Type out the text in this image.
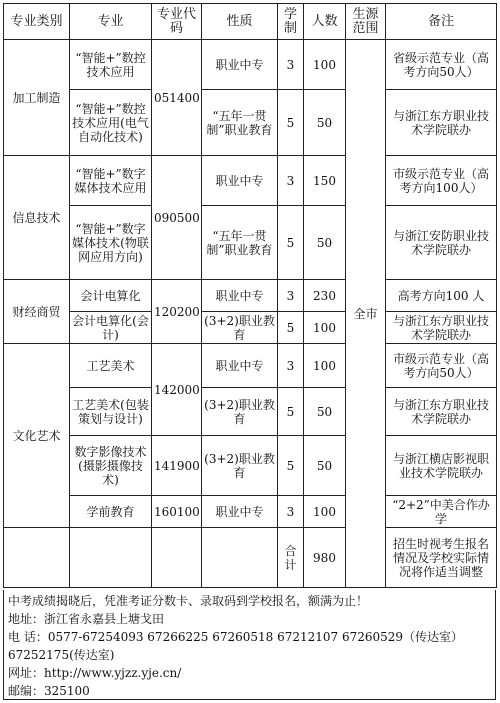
专业类别	专业	专业代码	性质	学制	人数	生源范围	备注
加工制造	“智能+”数控技术应用	051400	职业中专	3	100	全市	省级示范专业（高考方向50人）
	“智能+”数控技术应用(电气自动化技术)		“五年一贯制”职业教育	5	50		与浙江东方职业技术学院联办
信息技术	“智能+”数字媒体技术应用	090500	职业中专	3	150		市级示范专业（高考方向100人）
	“智能+”数字媒体技术(物联网应用方向)		“五年一贯制”职业教育	5	50		与浙江安防职业技术学院联办
财经商贸	会计电算化	120200	职业中专	3	230		高考方向100 人
	会计电算化(会计)		(3+2)职业教育	5	100		与浙江东方职业技术学院联办
文化艺术	工艺美术	142000	职业中专	3	100		市级示范专业（高考方向50人）
	工艺美术(包装策划与设计)		(3+2)职业教育	5	50		与浙江东方职业技术学院联办
	数字影像技术(摄影摄像技术)	141900	(3+2)职业教育	5	50		与浙江横店影视职业技术学院联办
	学前教育	160100	职业中专	3	100		“2+2”中美合作办学
				合计	980		招生时视考生报名情况及学校实际情况将作适当调整
中考成绩揭晓后，凭准考证分数卡、录取码到学校报名，额满为止！
地址：浙江省永嘉县上塘戈田
电 话：0577-67254093 67266225 67260518 67212107 67260529（传达室）67252175(传达室)
网址：http://www.yjzz.yje.cn/
邮编：325100
